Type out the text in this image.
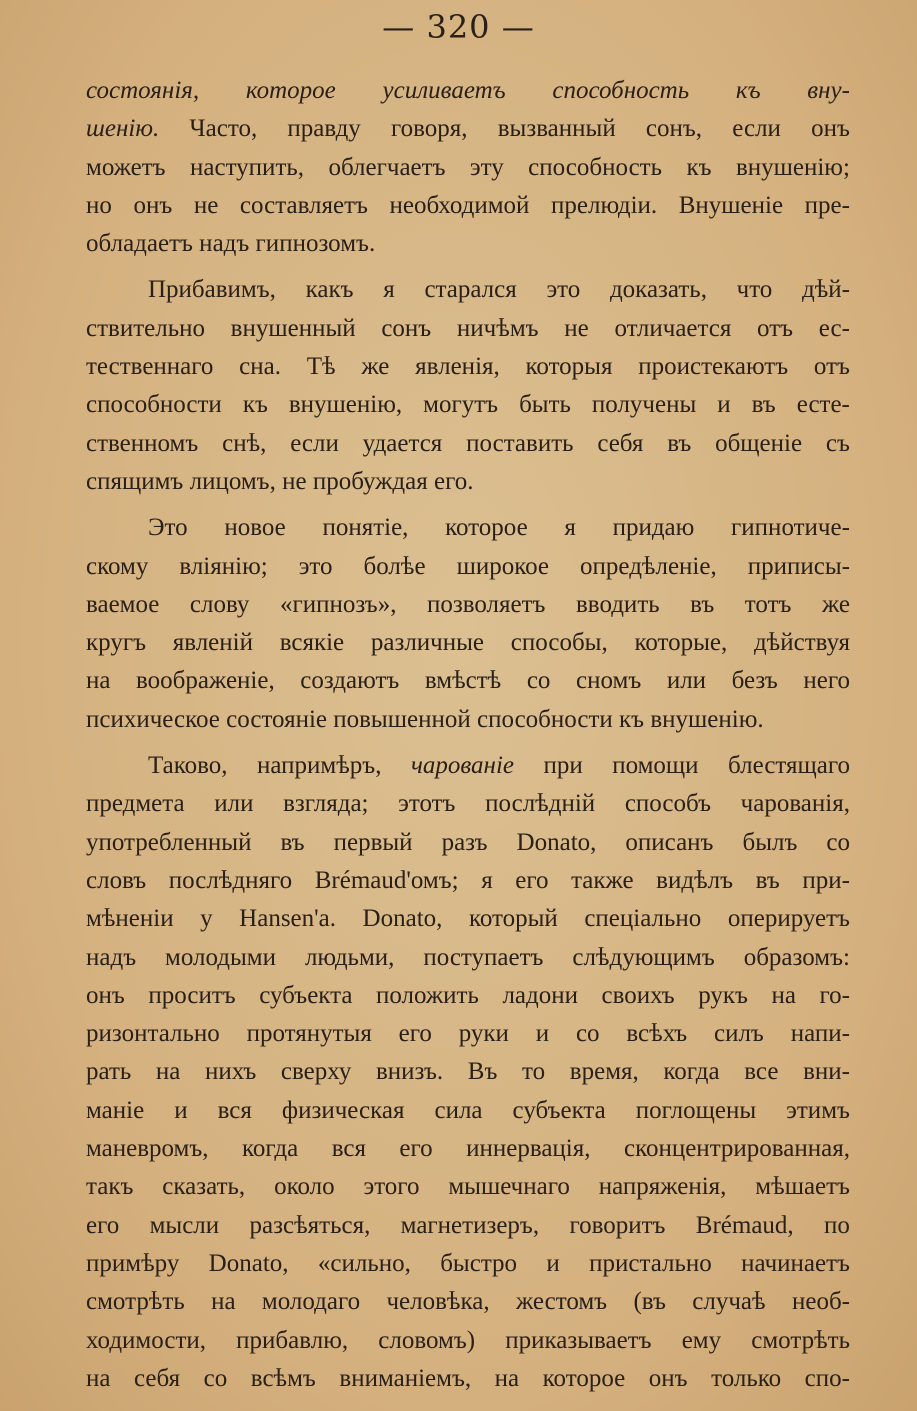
— 320 —
состоянія, которое усиливаетъ способность къ вну-
шенію. Часто, правду говоря, вызванный сонъ, если онъ
можетъ наступить, облегчаетъ эту способность къ внушенію;
но онъ не составляетъ необходимой прелюдіи. Внушеніе пре-
обладаетъ надъ гипнозомъ.
Прибавимъ, какъ я старался это доказать, что дѣй-
ствительно внушенный сонъ ничѣмъ не отличается отъ ес-
тественнаго сна. Тѣ же явленія, которыя проистекаютъ отъ
способности къ внушенію, могутъ быть получены и въ есте-
ственномъ снѣ, если удается поставить себя въ общеніе съ
спящимъ лицомъ, не пробуждая его.
Это новое понятіе, которое я придаю гипнотиче-
скому вліянію; это болѣе широкое опредѣленіе, приписы-
ваемое слову «гипнозъ», позволяетъ вводить въ тотъ же
кругъ явленій всякіе различные способы, которые, дѣйствуя
на воображеніе, создаютъ вмѣстѣ со сномъ или безъ него
психическое состояніе повышенной способности къ внушенію.
Таково, напримѣръ, чарованіе при помощи блестящаго
предмета или взгляда; этотъ послѣдній способъ чарованія,
употребленный въ первый разъ Donato, описанъ былъ со
словъ послѣдняго Brémaud'омъ; я его также видѣлъ въ при-
мѣненіи у Hansen'а. Donato, который спеціально оперируетъ
надъ молодыми людьми, поступаетъ слѣдующимъ образомъ:
онъ проситъ субъекта положить ладони своихъ рукъ на го-
ризонтально протянутыя его руки и со всѣхъ силъ напи-
рать на нихъ сверху внизъ. Въ то время, когда все вни-
маніе и вся физическая сила субъекта поглощены этимъ
маневромъ, когда вся его иннервація, сконцентрированная,
такъ сказать, около этого мышечнаго напряженія, мѣшаетъ
его мысли разсѣяться, магнетизеръ, говоритъ Brémaud, по
примѣру Donato, «сильно, быстро и пристально начинаетъ
смотрѣть на молодаго человѣка, жестомъ (въ случаѣ необ-
ходимости, прибавлю, словомъ) приказываетъ ему смотрѣть
на себя со всѣмъ вниманіемъ, на которое онъ только спо-
